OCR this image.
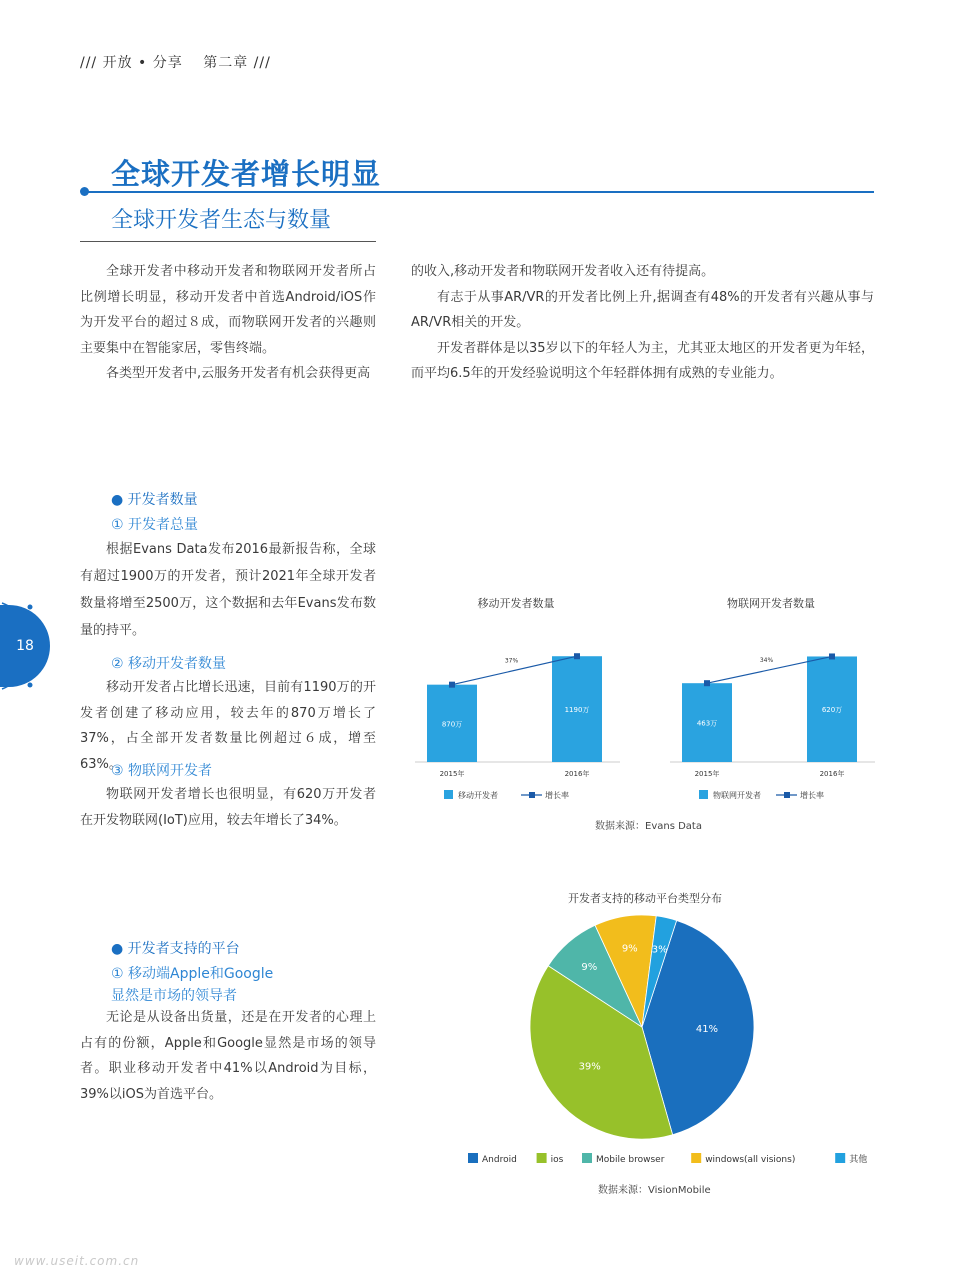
/// 开放 • 分享　 第二章 ///
全球开发者增长明显
全球开发者生态与数量

全球开发者中移动开发者和物联网开发者所占比例增长明显，移动开发者中首选Android/iOS作为开发平台的超过８成，而物联网开发者的兴趣则主要集中在智能家居，零售终端。

各类型开发者中,云服务开发者有机会获得更高

的收入,移动开发者和物联网开发者收入还有待提高。

有志于从事AR/VR的开发者比例上升,据调查有48%的开发者有兴趣从事与AR/VR相关的开发。

开发者群体是以35岁以下的年轻人为主，尤其亚太地区的开发者更为年轻，而平均6.5年的开发经验说明这个年轻群体拥有成熟的专业能力。

18
● 开发者数量
① 开发者总量

根据Evans Data发布2016最新报告称，全球有超过1900万的开发者，预计2021年全球开发者数量将增至2500万，这个数据和去年Evans发布数量的持平。

② 移动开发者数量

移动开发者占比增长迅速，目前有1190万的开发者创建了移动应用，较去年的870万增长了37%，占全部开发者数量比例超过６成，增至63%。

③ 物联网开发者

物联网开发者增长也很明显，有620万开发者在开发物联网(IoT)应用，较去年增长了34%。

移动开发者数量
870万
2015年
1190万
2016年
37%
移动开发者	增长率
物联网开发者数量
463万
2015年
620万
2016年
34%
物联网开发者	增长率
数据来源：Evans Data
● 开发者支持的平台
① 移动端Apple和Google
显然是市场的领导者

无论是从设备出货量，还是在开发者的心理上占有的份额，Apple和Google显然是市场的领导者。职业移动开发者中41%以Android为目标，39%以iOS为首选平台。

开发者支持的移动平台类型分布
41%
39%
9%
9% 3%
Android	ios	Mobile browser	windows(all visions)	其他
数据来源：VisionMobile
www.useit.com.cn
